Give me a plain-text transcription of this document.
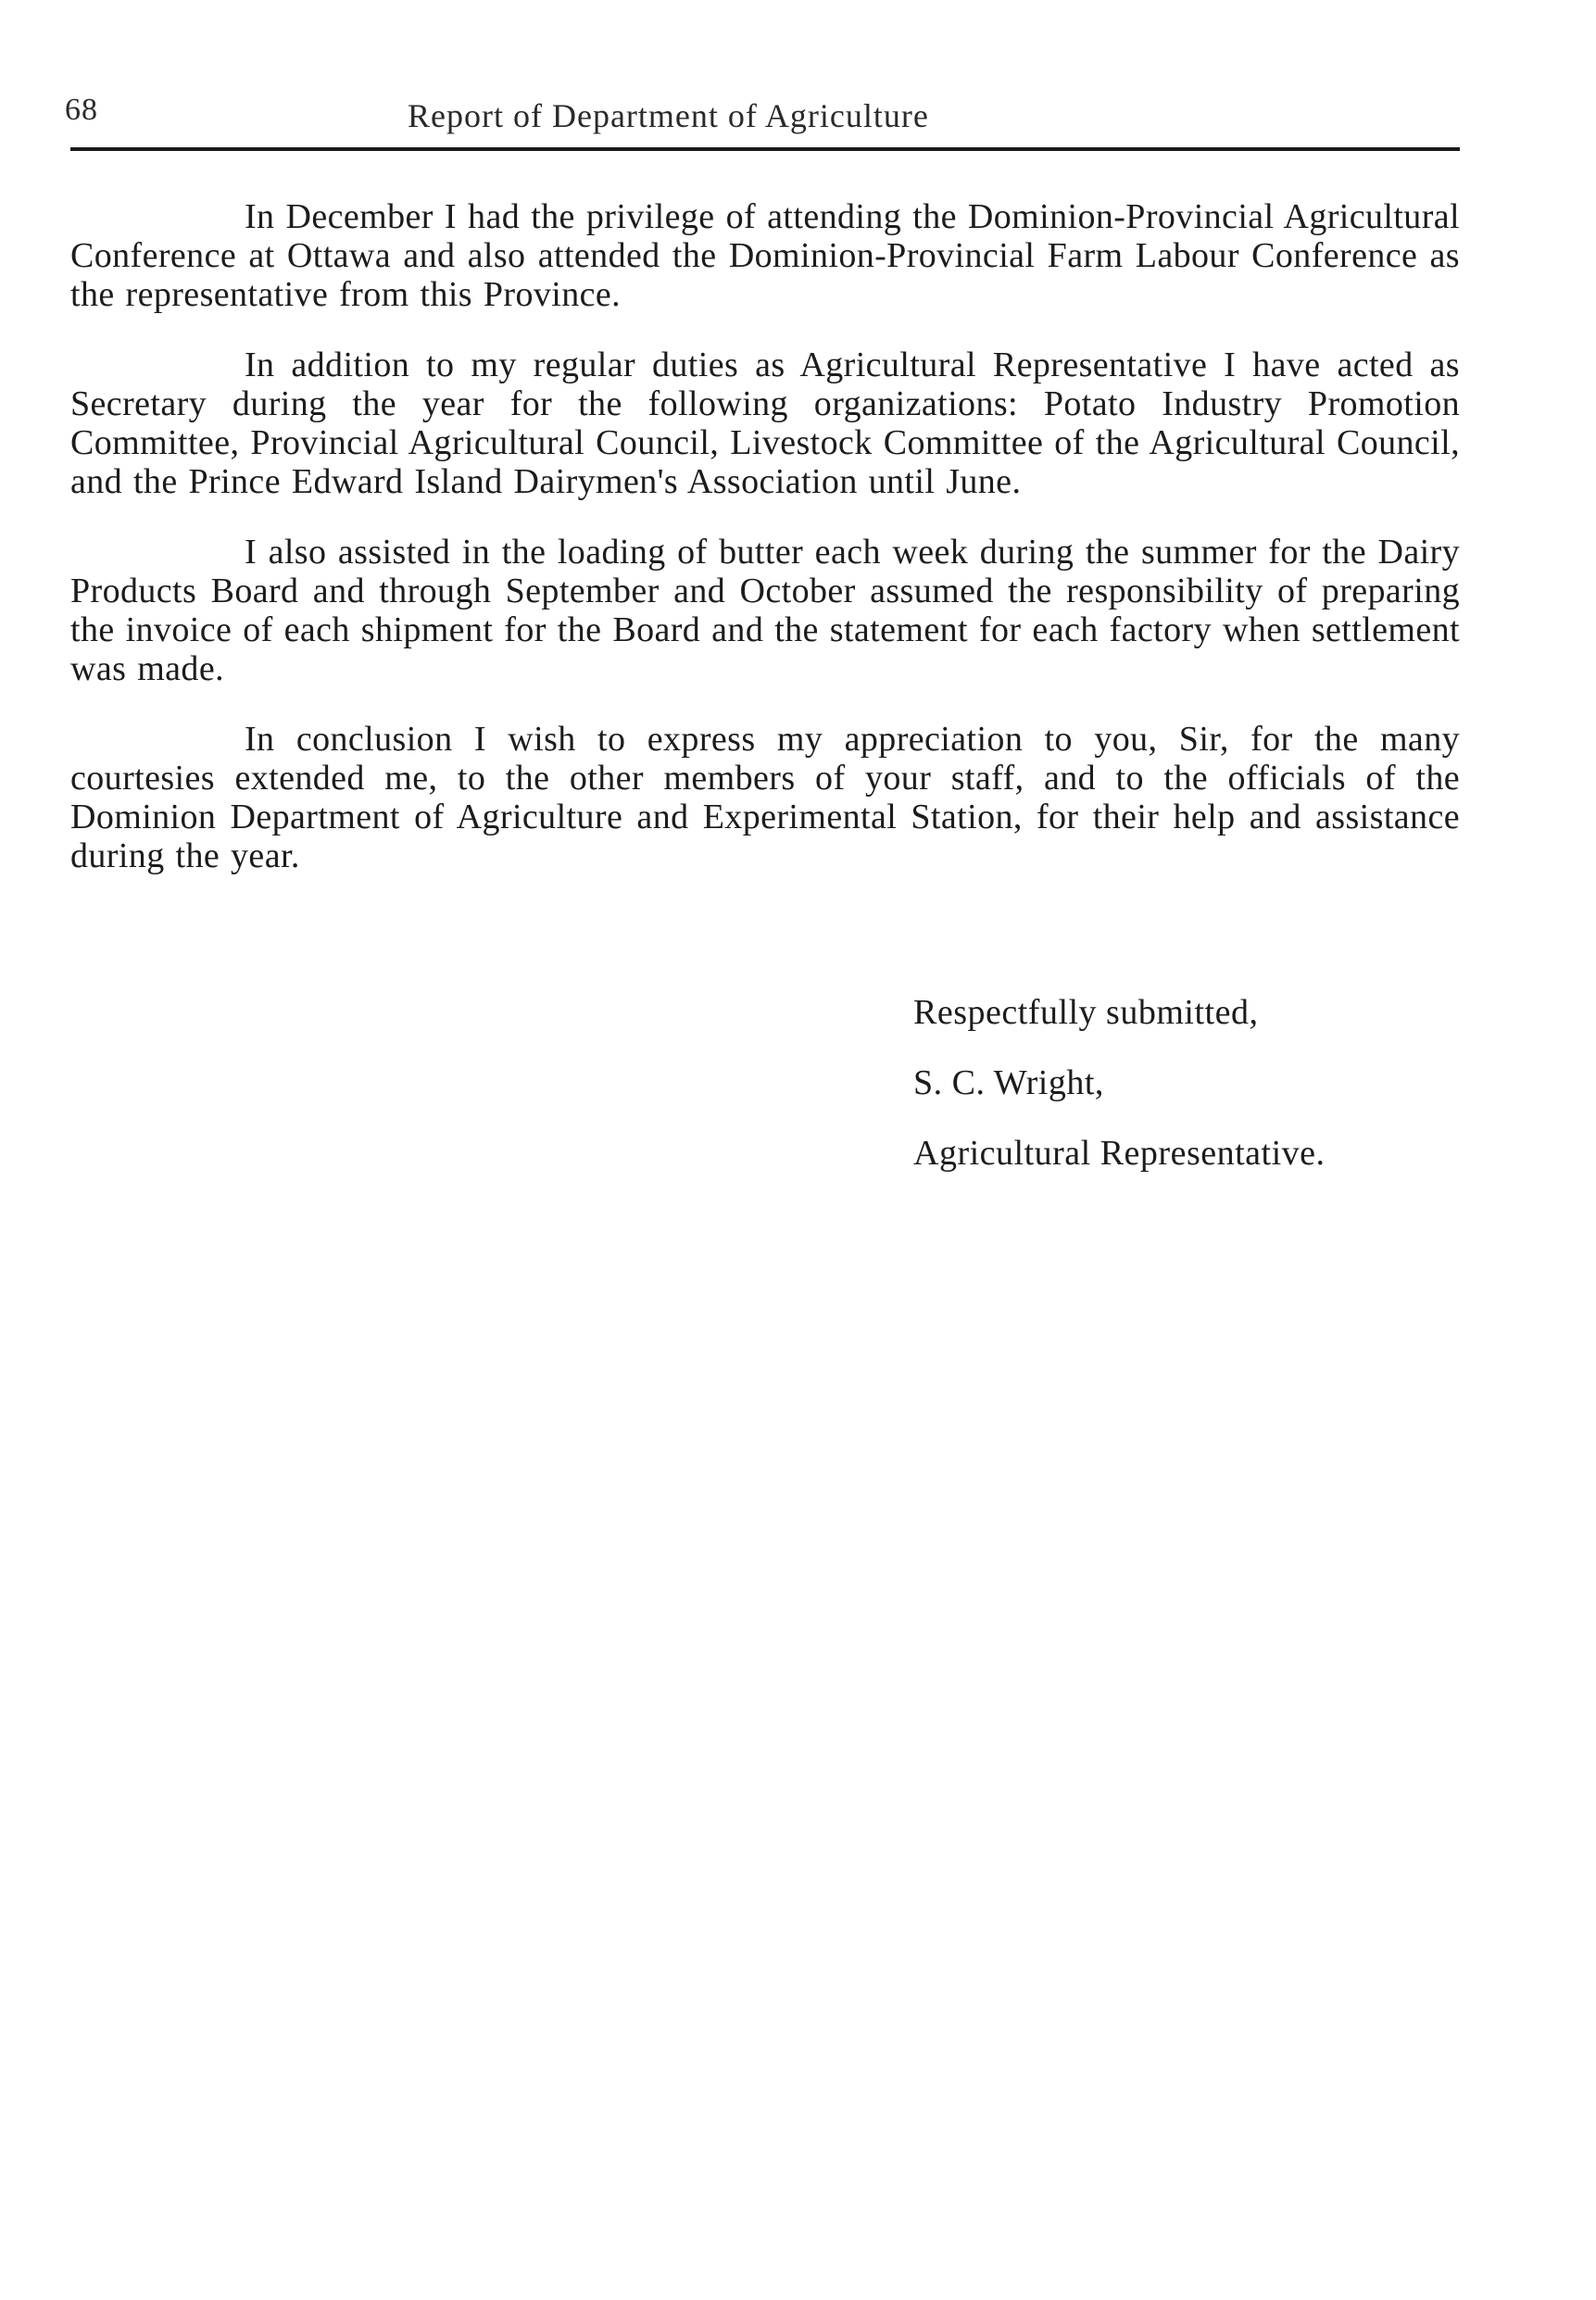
68	Report of Department of Agriculture

In December I had the privilege of attending the Dominion-Provincial Agricultural Conference at Ottawa and also attended the Dominion-Provincial Farm Labour Conference as the representative from this Province.

In addition to my regular duties as Agricultural Representative I have acted as Secretary during the year for the following organizations: Potato Industry Promotion Committee, Provincial Agricultural Council, Livestock Committee of the Agricultural Council, and the Prince Edward Island Dairymen's Association until June.

I also assisted in the loading of butter each week during the summer for the Dairy Products Board and through September and October assumed the responsibility of preparing the invoice of each shipment for the Board and the statement for each factory when settlement was made.

In conclusion I wish to express my appreciation to you, Sir, for the many courtesies extended me, to the other members of your staff, and to the officials of the Dominion Department of Agriculture and Experimental Station, for their help and assistance during the year.

Respectfully submitted,
S. C. Wright,
Agricultural Representative.
